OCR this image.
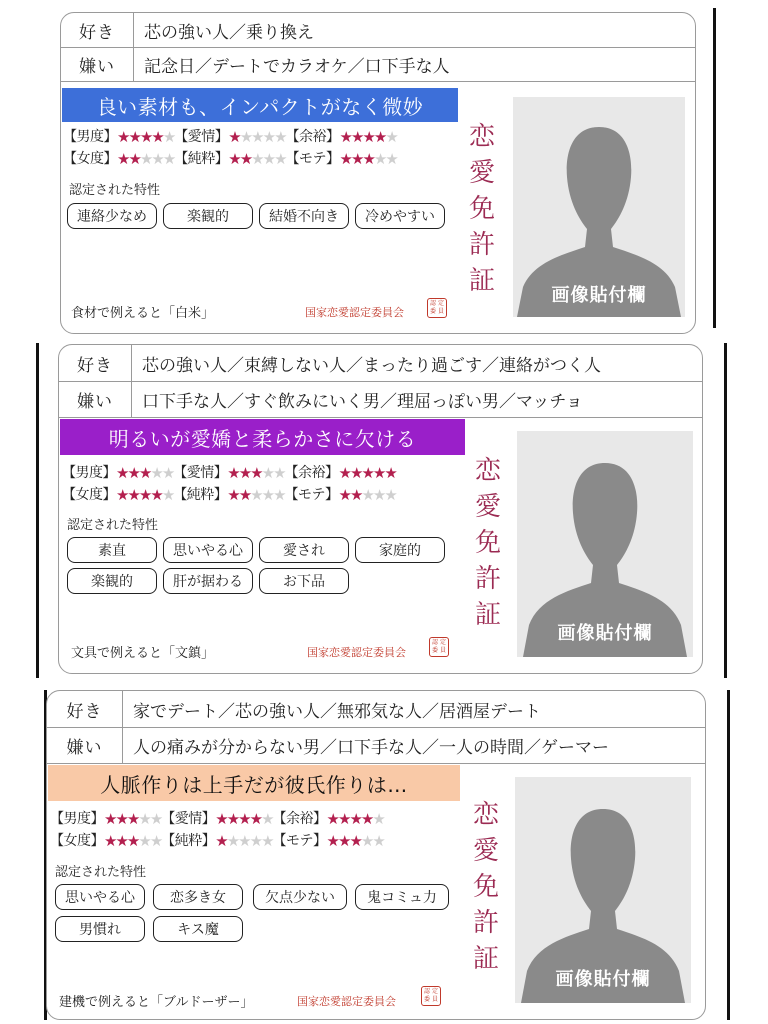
好き	芯の強い人／乗り換え
嫌い	記念日／デートでカラオケ／口下手な人
良い素材も、インパクトがなく微妙
【男度】 ★ ★ ★ ★ ★ 【愛情】 ★ ★ ★ ★ ★ 【余裕】 ★ ★ ★ ★ ★
【女度】 ★ ★ ★ ★ ★ 【純粋】 ★ ★ ★ ★ ★ 【モテ】 ★ ★ ★ ★ ★
認定された特性
連絡少なめ	楽観的	結婚不向き	冷めやすい
恋
愛
免
許
証	画像貼付欄
食材で例えると「白米」	国家恋愛認定委員会
認 定
委 員
好き	芯の強い人／束縛しない人／まったり過ごす／連絡がつく人
嫌い	口下手な人／すぐ飲みにいく男／理屈っぽい男／マッチョ
明るいが愛嬌と柔らかさに欠ける
【男度】 ★ ★ ★ ★ ★ 【愛情】 ★ ★ ★ ★ ★ 【余裕】 ★ ★ ★ ★ ★
【女度】 ★ ★ ★ ★ ★ 【純粋】 ★ ★ ★ ★ ★ 【モテ】 ★ ★ ★ ★ ★
認定された特性
素直	思いやる心	愛され	家庭的
楽観的	肝が据わる	お下品
恋
愛
免
許
証
画像貼付欄
文具で例えると「文鎮」	国家恋愛認定委員会
認 定
委 員
好き	家でデート／芯の強い人／無邪気な人／居酒屋デート
嫌い	人の痛みが分からない男／口下手な人／一人の時間／ゲーマー
人脈作りは上手だが彼氏作りは…
【男度】 ★ ★ ★ ★ ★ 【愛情】 ★ ★ ★ ★ ★ 【余裕】 ★ ★ ★ ★ ★
【女度】 ★ ★ ★ ★ ★ 【純粋】 ★ ★ ★ ★ ★ 【モテ】 ★ ★ ★ ★ ★
認定された特性
思いやる心	恋多き女	欠点少ない	鬼コミュ力
男慣れ	キス魔
恋
愛
免
許
証
画像貼付欄
建機で例えると「ブルドーザー」	国家恋愛認定委員会
認 定
委 員
